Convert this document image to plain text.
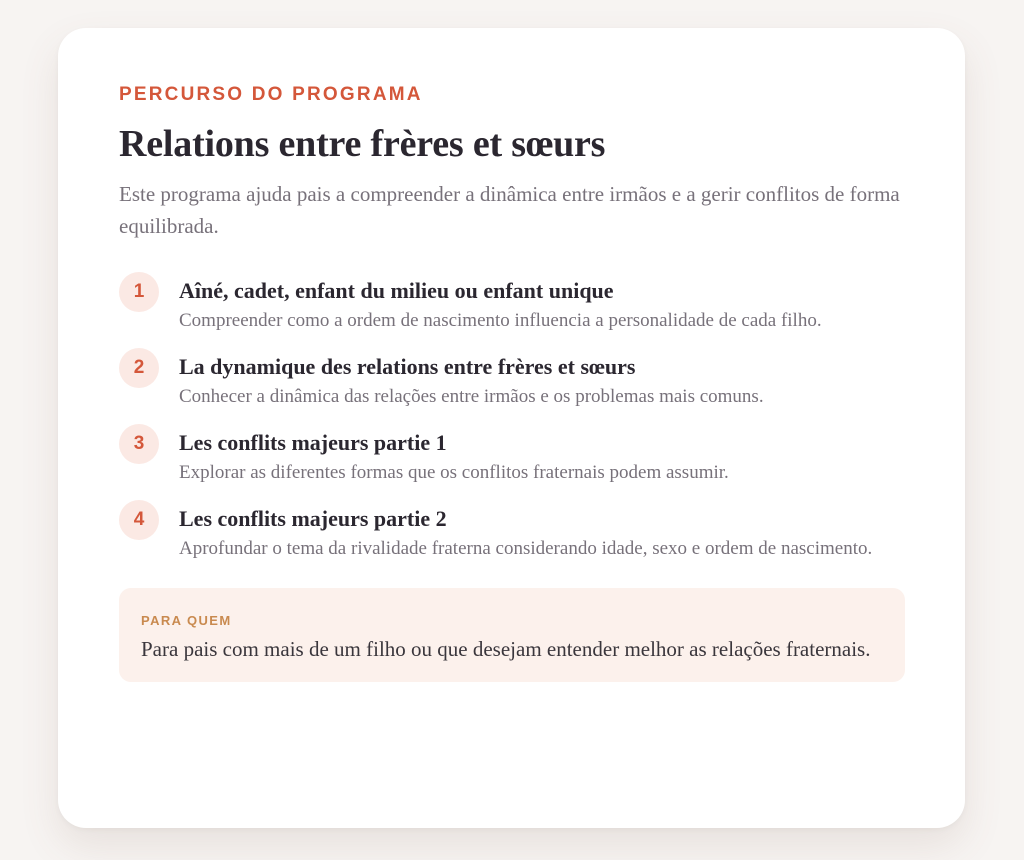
PERCURSO DO PROGRAMA
Relations entre frères et sœurs
Este programa ajuda pais a compreender a dinâmica entre irmãos e a gerir conflitos de forma equilibrada.
1	Aîné, cadet, enfant du milieu ou enfant unique
Compreender como a ordem de nascimento influencia a personalidade de cada filho.
2	La dynamique des relations entre frères et sœurs
Conhecer a dinâmica das relações entre irmãos e os problemas mais comuns.
3	Les conflits majeurs partie 1
Explorar as diferentes formas que os conflitos fraternais podem assumir.
4	Les conflits majeurs partie 2
Aprofundar o tema da rivalidade fraterna considerando idade, sexo e ordem de nascimento.
PARA QUEM
Para pais com mais de um filho ou que desejam entender melhor as relações fraternais.
